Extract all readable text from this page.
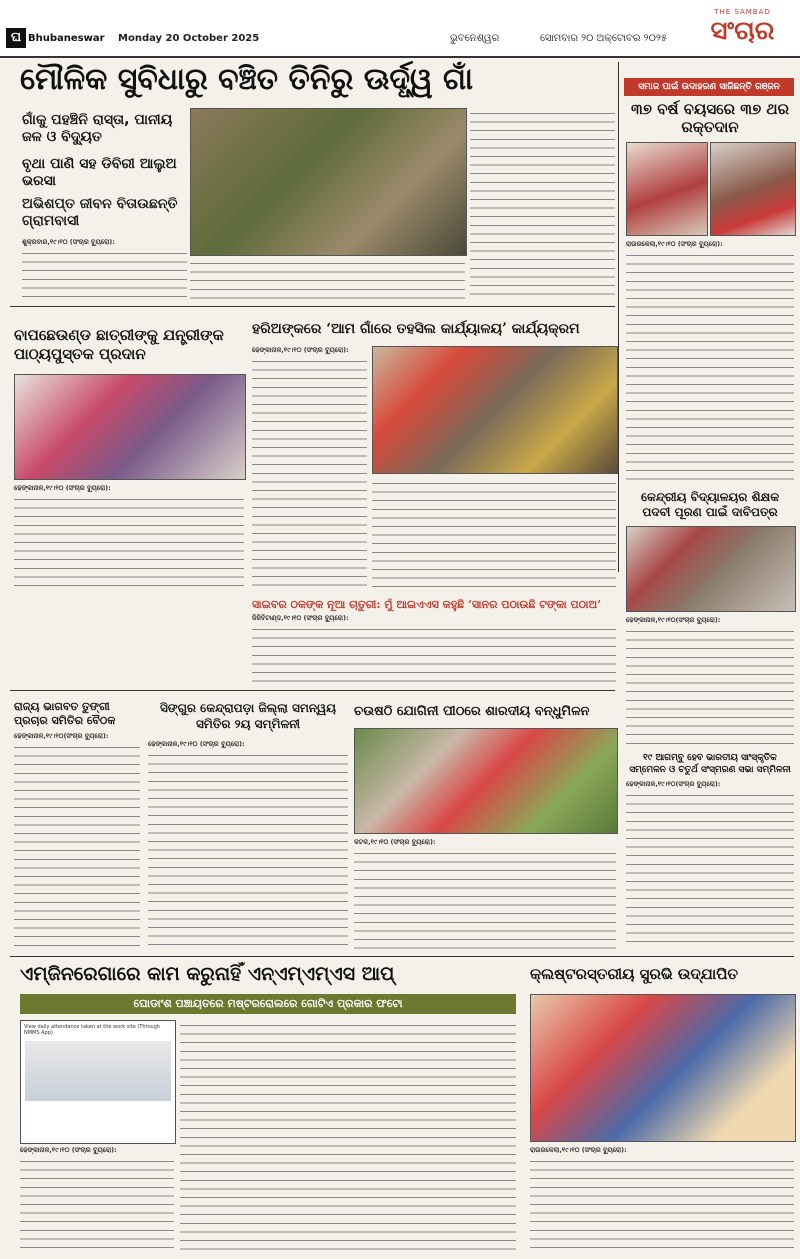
ଘ Bhubaneswar Monday 20 October 2025	ଭୁବନେଶ୍ୱର	ସୋମବାର ୨୦ ଅକ୍ଟୋବର ୨୦୨୫
THE SAMBAD
ସଂଚାର
ମୌଳିକ ସୁବିଧାରୁ ବଞ୍ଚିତ ତିନିରୁ ଊର୍ଦ୍ଧ୍ୱ ଗାଁ
ଗାଁକୁ ପହଞ୍ଚିନି ରାସ୍ତା, ପାନୀୟ ଜଳ ଓ ବିଦ୍ୟୁତ
ବୃଥା ପାଣି ସହ ଡିବିରୀ ଆଲୁଅ ଭରସା
ଅଭିଶପ୍ତ ଜୀବନ ବିତାଉଛନ୍ତି ଗ୍ରାମବାସୀ
ଶୁକ୍ରବାର,୧୯।୧୦ (ସଂଚାର ବ୍ୟୁରୋ):
ସମାଜ ପାଇଁ ଉଦାହରଣ ସାଜିଛନ୍ତି ରଞ୍ଜନ
୩୭ ବର୍ଷ ବୟସରେ ୩୭ ଥର ରକ୍ତଦାନ
ରାଉରକେଲା,୧୯।୧୦ (ସଂଚାର ବ୍ୟୁରୋ):
ବାପଛେଉଣ୍ଡ ଛାତ୍ରୀଙ୍କୁ ଯନ୍ତ୍ରୀଙ୍କ ପାଠ୍ୟପୁସ୍ତକ ପ୍ରଦାନ
ଢେଙ୍କାନାଳ,୧୯।୧୦ (ସଂଚାର ବ୍ୟୁରୋ):
ହରିଅଙ୍କରେ ‘ଆମ ଗାଁରେ ତହସିଲ କାର୍ଯ୍ୟାଳୟ’ କାର୍ଯ୍ୟକ୍ରମ
ଢେଙ୍କାନାଳ,୧୯।୧୦ (ସଂଚାର ବ୍ୟୁରୋ):
ସାଇବର ଠକଙ୍କ ନୂଆ ଚାତୁରୀ: ମୁଁ ଆଇଏଏସ କହୁଛି ‘ସାନର ପଠାଉଛି ଟଙ୍କା ପଠାଅ’
ଜିଜିବିଟାଣ୍ଡ,୧୯।୧୦ (ସଂଚାର ବ୍ୟୁରୋ):
କେନ୍ଦ୍ରୀୟ ବିଦ୍ୟାଳୟର ଶିକ୍ଷକ ପଦବୀ ପୂରଣ ପାଇଁ ଦାବିପତ୍ର
ଢେଙ୍କାନାଳ,୧୯।୧୦(ସଂଚାର ବ୍ୟୁରୋ):
ରାଜ୍ୟ ଭାଗବତ ତୁଙ୍ଗୀ ପ୍ରଚାର ସମିତିର ବୈଠକ
ଢେଙ୍କାନାଳ,୧୯।୧୦(ସଂଚାର ବ୍ୟୁରୋ):
ସିଙ୍ଗୁର କେନ୍ଦ୍ରାପଡ଼ା ଜିଲ୍ଲା ସମନ୍ୱୟ ସମିତିର ୨ୟ ସମ୍ମିଳନୀ
ଢେଙ୍କାନାଳ,୧୯।୧୦ (ସଂଚାର ବ୍ୟୁରୋ):
ଚଉଷଠି ଯୋଗିନୀ ପୀଠରେ ଶାରଦୀୟ ବନ୍ଧୁମିଳନ
କଟକ,୧୯।୧୦ (ସଂଚାର ବ୍ୟୁରୋ):
୧୯ ଆଗମ୍ବୁ ହେବ ଭାରତୀୟ ସାଂସ୍କୃତିକ ସମ୍ମେଳନ ଓ ଚତୁର୍ଥ ସଂସ୍ମରଣ ସଭା ସମ୍ମିଳନୀ
ଢେଙ୍କାନାଳ,୧୯।୧୦(ସଂଚାର ବ୍ୟୁରୋ):
ଏମ୍ଜିନରେଗାରେ କାମ କରୁନାହିଁ ଏନ୍ଏମ୍ଏମ୍ଏସ ଆପ୍
ଘୋଡାଂଶ ପଞ୍ଚାୟତରେ ମଷ୍ଟରରୋଲରେ ଗୋଟିଏ ପ୍ରକାର ଫଟୋ
View daily attendance taken at the work site (Through NMMS App)
ଢେଙ୍କାନାଳ,୧୯।୧୦ (ସଂଚାର ବ୍ୟୁରୋ):
କ୍ଲଷ୍ଟରସ୍ତରୀୟ ସୁରଭି ଉଦ୍ଯାପିତ
ରାଉରକେଲା,୧୯।୧୦ (ସଂଚାର ବ୍ୟୁରୋ):
